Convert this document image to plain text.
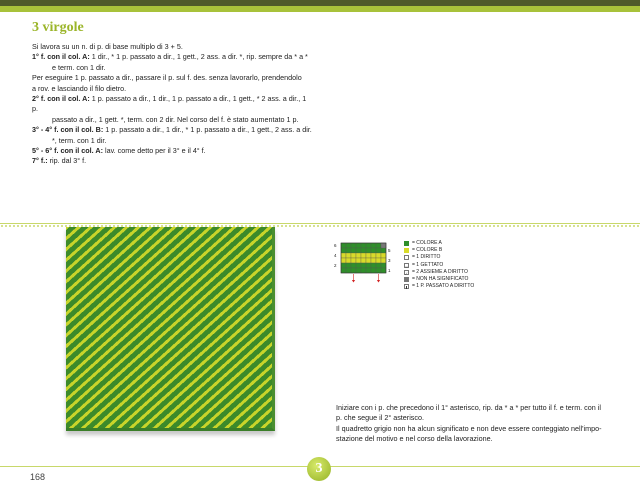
3 virgole

Si lavora su un n. di p. di base multiplo di 3 + 5.

1° f. con il col. A: 1 dir., * 1 p. passato a dir., 1 gett., 2 ass. a dir. *, rip. sempre da * a *

e term. con 1 dir.

Per eseguire 1 p. passato a dir., passare il p. sul f. des. senza lavorarlo, prendendolo

a rov. e lasciando il filo dietro.

2° f. con il col. A: 1 p. passato a dir., 1 dir., 1 p. passato a dir., 1 gett., * 2 ass. a dir., 1 p.

passato a dir., 1 gett. *, term. con 2 dir. Nel corso del f. è stato aumentato 1 p.

3° - 4° f. con il col. B: 1 p. passato a dir., 1 dir., * 1 p. passato a dir., 1 gett., 2 ass. a dir.

*, term. con 1 dir.

5° - 6° f. con il col. A: lav. come detto per il 3° e il 4° f.

7° f.: rip. dal 3° f.

6
4
2
5
3
1
= COLORE A
= COLORE B
= 1 DIRITTO
○ = 1 GETTATO
⁄	= 2 ASSIEME A DIRITTO
= NON HA SIGNIFICATO
= 1 P. PASSATO A DIRITTO

Iniziare con i p. che precedono il 1° asterisco, rip. da * a * per tutto il f. e term. con il

p. che segue il 2° asterisco.

Il quadretto grigio non ha alcun significato e non deve essere conteggiato nell'impo-

stazione del motivo e nel corso della lavorazione.

168
3
